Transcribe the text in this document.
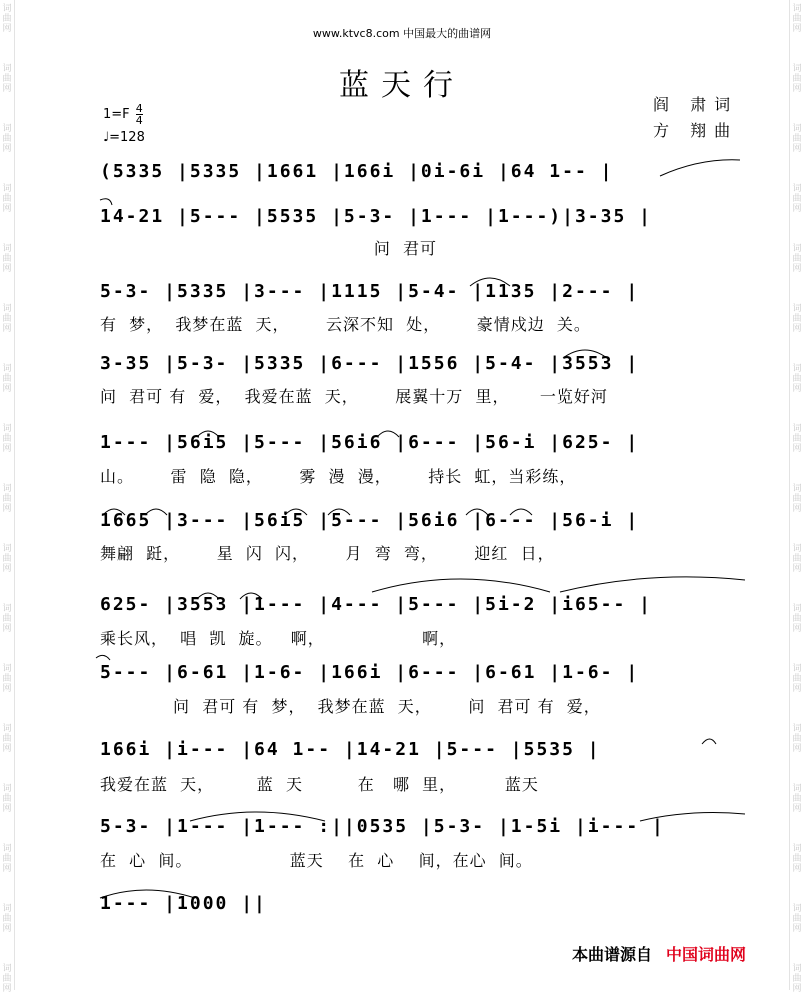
词
曲
网
词
曲
网
词
曲
网
词
曲
网
词
曲
网
词
曲
网
词
曲
网
词
曲
网
词
曲
网
词
曲
网
词
曲
网
词
曲
网
词
曲
网
词
曲
网
词
曲
网
词
曲
网
词
曲
网
词
曲
网
词
曲
网
词
曲
网
词
曲
网
词
曲
网
词
曲
网
词
曲
网
词
曲
网
词
曲
网
词
曲
网
词
曲
网
词
曲
网
词
曲
网
词
曲
网
词
曲
网
词
曲
网
词
曲
网
www.ktvc8.com 中国最大的曲谱网
蓝天行
阎 肃词
方 翔曲
$1=F \frac{4}{4}$
♩=128
(5335 |5335 |1661 |166i |0i-6i |64 1-- |
14-21 |5--- |5535 |5-3- |1--- |1---)|3-35 |
问  君可
5-3- |5335 |3--- |1115 |5-4- |1135 |2--- |
有  梦，  我梦在蓝  天，      云深不知  处，      豪情戍边  关。
3-35 |5-3- |5335 |6--- |1556 |5-4- |3553 |
问  君可 有  爱，  我爱在蓝  天，      展翼十万  里，     一览好河
1--- |56i5 |5--- |56i6 |6--- |56-i |625- |
山。      雷  隐  隐，      雾  漫  漫，      持长  虹，当彩练，
1665 |3--- |56i5 |5--- |56i6 |6--- |56-i |
舞翩  跹，      星  闪  闪，      月  弯  弯，      迎红  日，
625- |3553 |1--- |4--- |5--- |5i-2 |i65-- |
乘长风，  唱  凯  旋。   啊，                啊，
5--- |6-61 |1-6- |166i |6--- |6-61 |1-6- |
问  君可 有  梦，  我梦在蓝  天，      问  君可 有  爱，
166i |i--- |64 1-- |14-21 |5--- |5535 |
我爱在蓝  天，       蓝  天         在   哪  里，        蓝天
5-3- |1--- |1--- :||0535 |5-3- |1-5i |i--- |
在  心  间。                蓝天    在  心    间，在心  间。
1--- |1000 ||
本曲谱源自 中国词曲网
